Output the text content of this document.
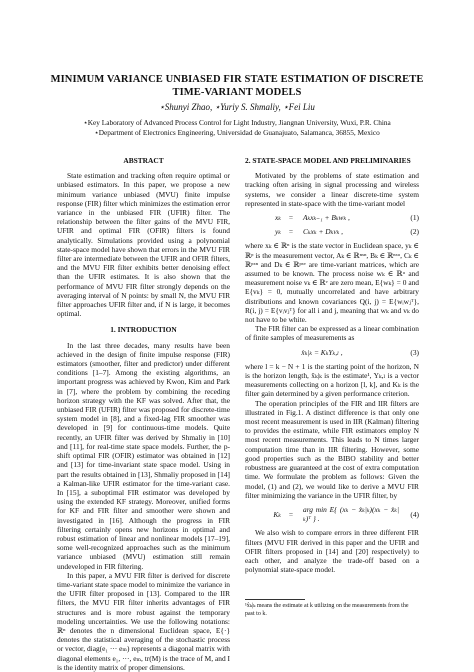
MINIMUM VARIANCE UNBIASED FIR STATE ESTIMATION OF DISCRETE TIME-VARIANT MODELS
⋆Shunyi Zhao, ⋆Yuriy S. Shmaliy, ⋆Fei Liu
⋆Key Laboratory of Advanced Process Control for Light Industry, Jiangnan University, Wuxi, P.R. China
⋆Department of Electronics Engineering, Universidad de Guanajuato, Salamanca, 36855, Mexico
ABSTRACT

State estimation and tracking often require optimal or unbiased estimators. In this paper, we propose a new minimum variance unbiased (MVU) finite impulse response (FIR) filter which minimizes the estimation error variance in the unbiased FIR (UFIR) filter. The relationship between the filter gains of the MVU FIR, UFIR and optimal FIR (OFIR) filters is found analytically. Simulations provided using a polynomial state-space model have shown that errors in the MVU FIR filter are intermediate between the UFIR and OFIR filters, and the MVU FIR filter exhibits better denoising effect than the UFIR estimates. It is also shown that the performance of MVU FIR filter strongly depends on the averaging interval of N points: by small N, the MVU FIR filter approaches UFIR filter and, if N is large, it becomes optimal.

1. INTRODUCTION

In the last three decades, many results have been achieved in the design of finite impulse response (FIR) estimators (smoother, filter and predictor) under different conditions [1–7]. Among the existing algorithms, an important progress was achieved by Kwon, Kim and Park in [7], where the problem by combining the receding horizon strategy with the KF was solved. After that, the unbiased FIR (UFIR) filter was proposed for discrete-time system model in [8], and a fixed-lag FIR smoother was developed in [9] for continuous-time models. Quite recently, an UFIR filter was derived by Shmaliy in [10] and [11], for real-time state space models. Further, the p-shift optimal FIR (OFIR) estimator was obtained in [12] and [13] for time-invariant state space model. Using in part the results obtained in [13], Shmaliy proposed in [14] a Kalman-like UFIR estimator for the time-variant case. In [15], a suboptimal FIR estimator was developed by using the extended KF strategy. Moreover, unified forms for KF and FIR filter and smoother were shown and investigated in [16]. Although the progress in FIR filtering certainly opens new horizons in optimal and robust estimation of linear and nonlinear models [17–19], some well-recognized approaches such as the minimum variance unbiased (MVU) estimation still remain undeveloped in FIR filtering.

In this paper, a MVU FIR filter is derived for discrete time-variant state space model to minimize the variance in the UFIR filter proposed in [13]. Compared to the IIR filters, the MVU FIR filter inherits advantages of FIR structures and is more robust against the temporary modeling uncertainties. We use the following notations: ℝⁿ denotes the n dimensional Euclidean space, E{·} denotes the statistical averaging of the stochastic process or vector, diag(e₁ ··· eₘ) represents a diagonal matrix with diagonal elements e₁, ···, eₘ, tr(M) is the trace of M, and I is the identity matrix of proper dimensions.

2. STATE-SPACE MODEL AND PRELIMINARIES

Motivated by the problems of state estimation and tracking often arising in signal processing and wireless systems, we consider a linear discrete-time system represented in state-space with the time-variant model

xₖ	=	Aₖxₖ₋₁ + Bₖwₖ ,	(1)
yₖ	=	Cₖxₖ + Dₖvₖ ,	(2)

where xₖ ∈ ℝⁿ is the state vector in Euclidean space, yₖ ∈ ℝᵖ is the measurement vector, Aₖ ∈ ℝⁿˣⁿ, Bₖ ∈ ℝⁿˣᵘ, Cₖ ∈ ℝᵖˣⁿ and Dₖ ∈ ℝᵖˣᵛ are time-variant matrices, which are assumed to be known. The process noise wₖ ∈ ℝᵘ and measurement noise vₖ ∈ ℝᵛ are zero mean, E{wₖ} = 0 and E{vₖ} = 0, mutually uncorrelated and have arbitrary distributions and known covariances Q(i, j) = E{wᵢwⱼᵀ}, R(i, j) = E{vᵢvⱼᵀ} for all i and j, meaning that wₖ and vₖ do not have to be white.

The FIR filter can be expressed as a linear combination of finite samples of measurements as

x̂ₖ|ₖ = KₖYₖ,ₗ ,	(3)

where l = k − N + 1 is the starting point of the horizon, N is the horizon length, x̂ₖ|ₖ is the estimate¹, Yₖ,ₗ is a vector measurements collecting on a horizon [l, k], and Kₖ is the filter gain determined by a given performance criterion.

The operation principles of the FIR and IIR filters are illustrated in Fig.1. A distinct difference is that only one most recent measurement is used in IIR (Kalman) filtering to provides the estimate, while FIR estimators employ N most recent measurements. This leads to N times larger computation time than in IIR filtering. However, some good properties such as the BIBO stability and better robustness are guaranteed at the cost of extra computation time. We formulate the problem as follows: Given the model, (1) and (2), we would like to derive a MVU FIR filter minimizing the variance in the UFIR filter, by

Kₖ	=
arg min E{ (xₖ − x̂ₖ|ₖ)(xₖ − x̂ₖ|ₖ)ᵀ } .
(4)

We also wish to compare errors in three different FIR filters (MVU FIR derived in this paper and the UFIR and OFIR filters proposed in [14] and [20] respectively) to each other, and analyze the trade-off based on a polynomial state-space model.

¹x̂ₖ|ₖ means the estimate at k utilizing on the measurements from the past to k.
